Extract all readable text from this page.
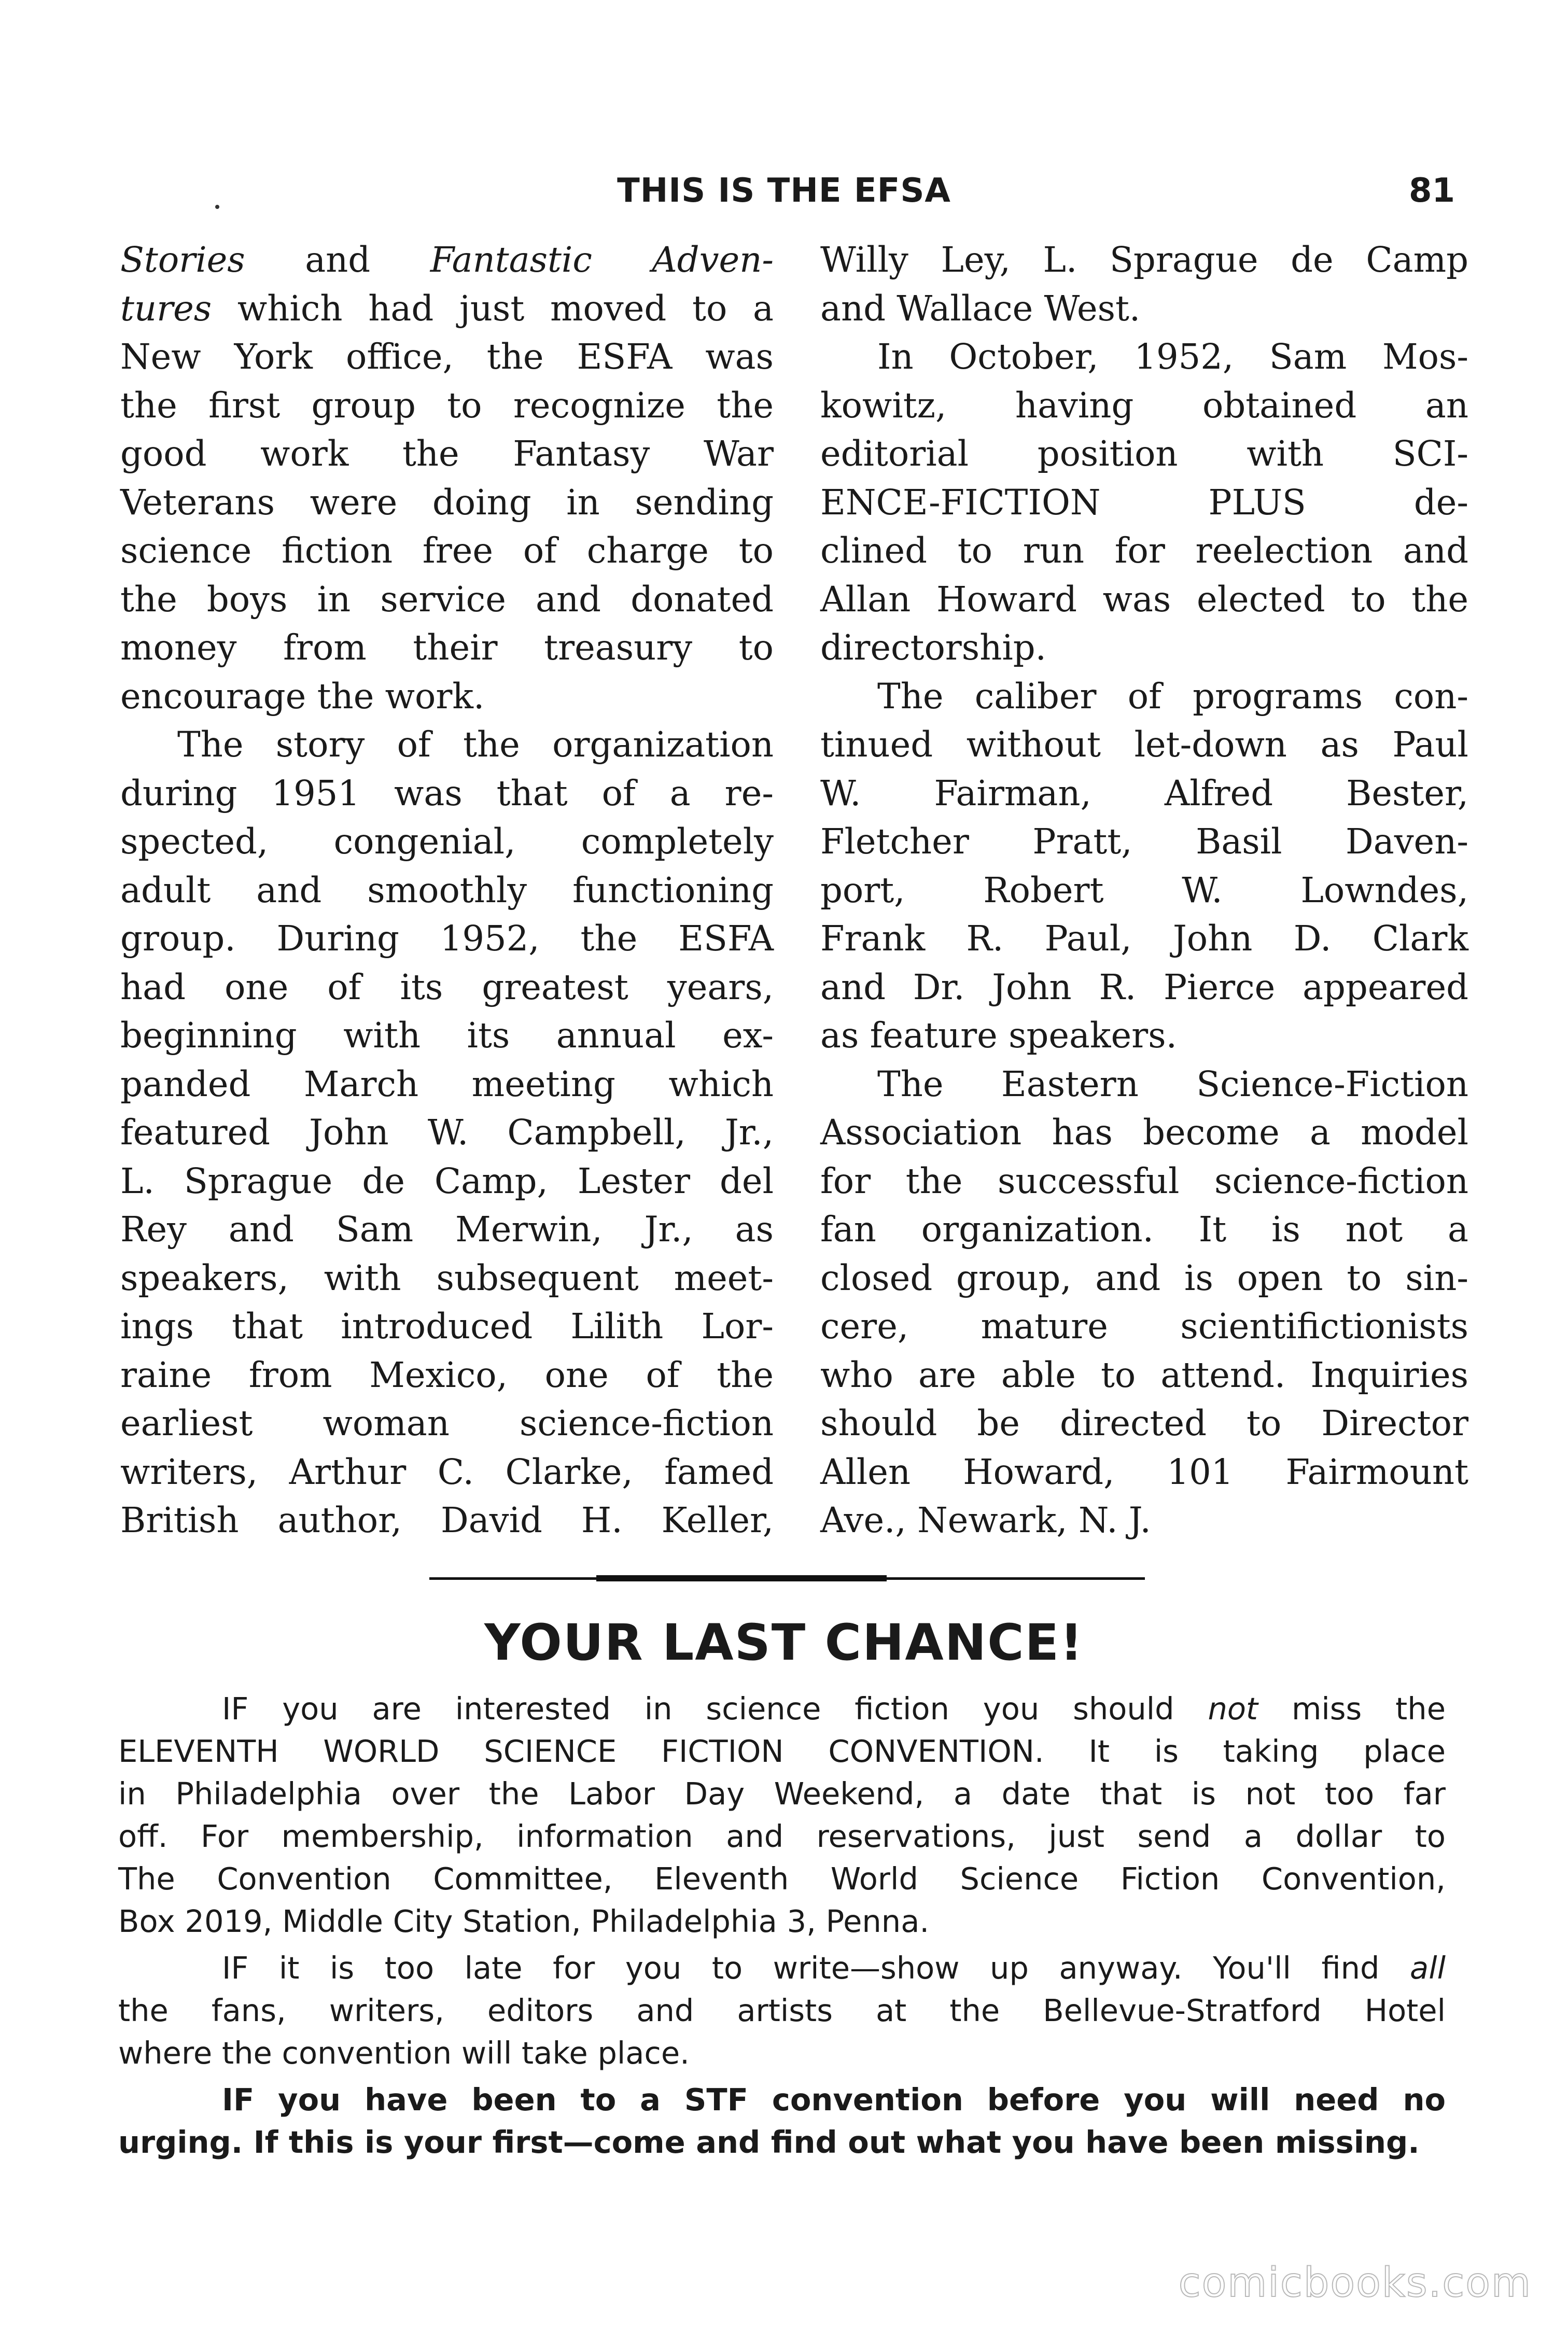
THIS IS THE EFSA	81
Stories and Fantastic Adven-
tures which had just moved to a
New York office, the ESFA was
the first group to recognize the
good work the Fantasy War
Veterans were doing in sending
science fiction free of charge to
the boys in service and donated
money from their treasury to
encourage the work.
The story of the organization
during 1951 was that of a re-
spected, congenial, completely
adult and smoothly functioning
group. During 1952, the ESFA
had one of its greatest years,
beginning with its annual ex-
panded March meeting which
featured John W. Campbell, Jr.,
L. Sprague de Camp, Lester del
Rey and Sam Merwin, Jr., as
speakers, with subsequent meet-
ings that introduced Lilith Lor-
raine from Mexico, one of the
earliest woman science-fiction
writers, Arthur C. Clarke, famed
British author, David H. Keller,
Willy Ley, L. Sprague de Camp
and Wallace West.
In October, 1952, Sam Mos-
kowitz, having obtained an
editorial position with SCI-
ENCE-FICTION PLUS de-
clined to run for reelection and
Allan Howard was elected to the
directorship.
The caliber of programs con-
tinued without let-down as Paul
W. Fairman, Alfred Bester,
Fletcher Pratt, Basil Daven-
port, Robert W. Lowndes,
Frank R. Paul, John D. Clark
and Dr. John R. Pierce appeared
as feature speakers.
The Eastern Science-Fiction
Association has become a model
for the successful science-fiction
fan organization. It is not a
closed group, and is open to sin-
cere, mature scientifictionists
who are able to attend. Inquiries
should be directed to Director
Allen Howard, 101 Fairmount
Ave., Newark, N. J.
YOUR LAST CHANCE!
IF you are interested in science fiction you should not miss the
ELEVENTH WORLD SCIENCE FICTION CONVENTION. It is taking place
in Philadelphia over the Labor Day Weekend, a date that is not too far
off. For membership, information and reservations, just send a dollar to
The Convention Committee, Eleventh World Science Fiction Convention,
Box 2019, Middle City Station, Philadelphia 3, Penna.
IF it is too late for you to write—show up anyway. You'll find all
the fans, writers, editors and artists at the Bellevue-Stratford Hotel
where the convention will take place.
IF you have been to a STF convention before you will need no
urging. If this is your first—come and find out what you have been missing.
comicbooks.com
